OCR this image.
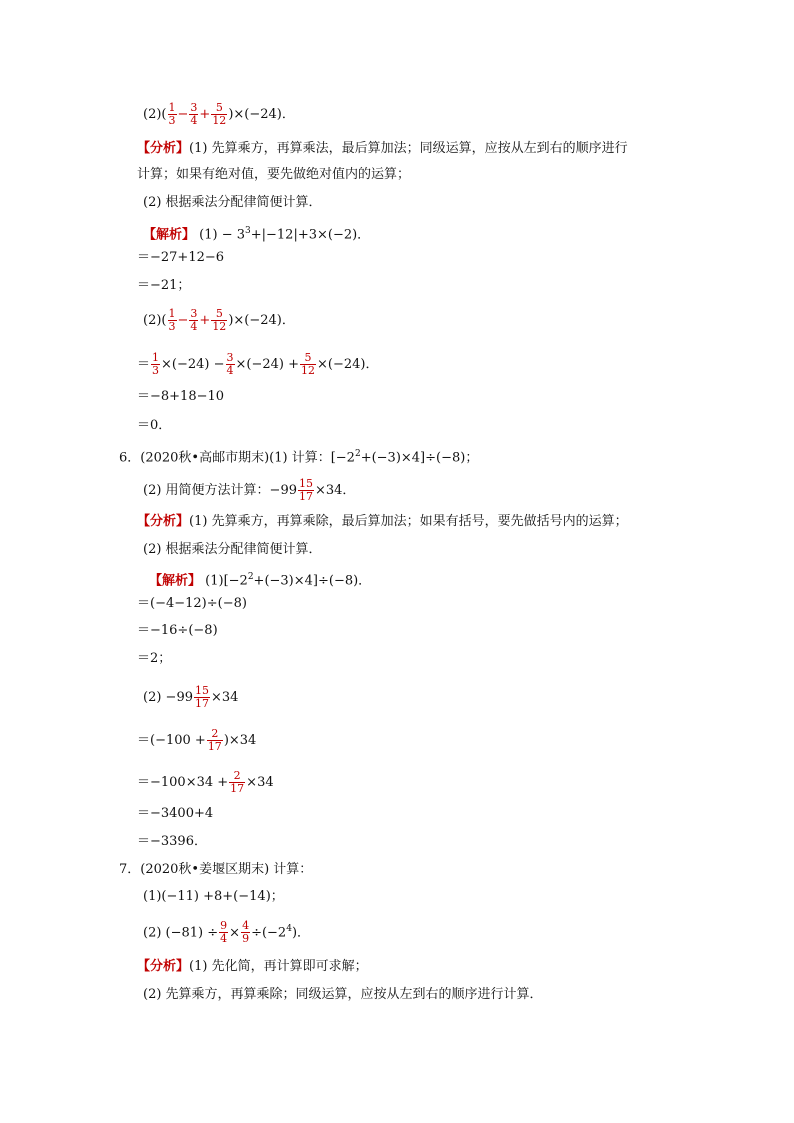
$(2)( \frac{1}{3} - \frac{3}{4} + \frac{5}{12} )\times(-24)$．
【分析】(1) 先算乘方，再算乘法，最后算加法；同级运算，应按从左到右的顺序进行
计算；如果有绝对值，要先做绝对值内的运算；
(2) 根据乘法分配律简便计算．
【解析】 $(1) - 3^3+|-12|+3\times(-2)$．
＝−27+12−6
＝−21；
$(2)( \frac{1}{3} - \frac{3}{4} + \frac{5}{12} )\times(-24)$．
＝ $\frac{1}{3} \times(-24) - \frac{3}{4} \times(-24) + \frac{5}{12} \times(-24)$．
＝−8+18−10
＝0．
6．(2020秋•高邮市期末)(1) 计算：$[-2^2+(-3)\times 4]\div(-8)$；
(2) 用简便方法计算：$-99 \frac{15}{17} \times 34$．
【分析】(1) 先算乘方，再算乘除，最后算加法；如果有括号，要先做括号内的运算；
(2) 根据乘法分配律简便计算．
【解析】 $(1)[-2^2+(-3)\times 4]\div(-8)$．
＝(−4−12)÷(−8)
＝−16÷(−8)
＝2；
$(2) -99 \frac{15}{17} \times 34$
$=(-100 + \frac{2}{17} )\times 34$
$=-100\times 34 + \frac{2}{17} \times 34$
＝−3400+4
＝−3396．
7．(2020秋•姜堰区期末) 计算：
(1)(−11) +8+(−14)；
(2) $(-81) \div \frac{9}{4} \times \frac{4}{9} \div(-2^4)$．
【分析】(1) 先化简，再计算即可求解；
(2) 先算乘方，再算乘除；同级运算，应按从左到右的顺序进行计算．
